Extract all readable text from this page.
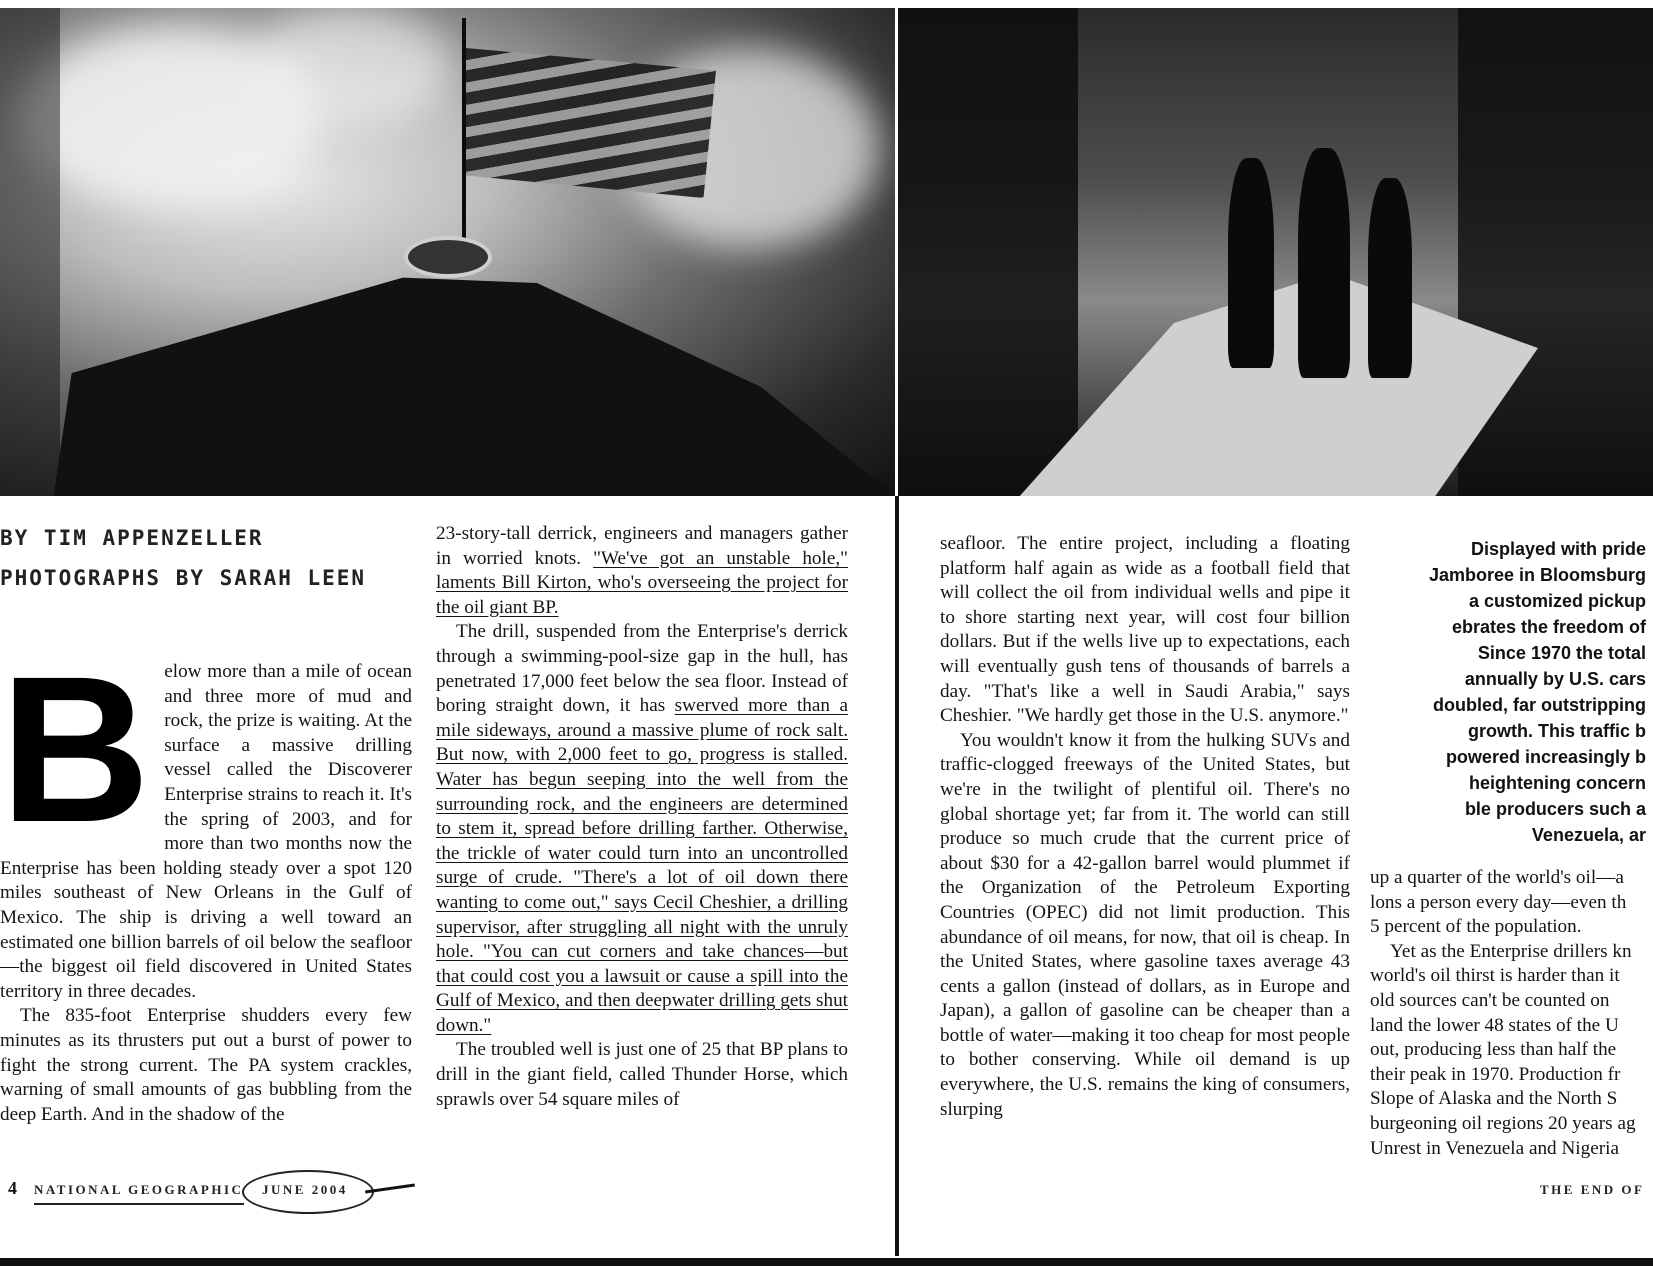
BY TIM APPENZELLER
PHOTOGRAPHS BY SARAH LEEN
B elow more than a mile of ocean and three more of mud and rock, the prize is waiting. At the surface a massive drilling vessel called the Discoverer Enterprise strains to reach it. It's the spring of 2003, and for more than two months now the Enterprise has been holding steady over a spot 120 miles southeast of New Orleans in the Gulf of Mexico. The ship is driving a well toward an estimated one billion barrels of oil below the seafloor—the biggest oil field discovered in United States territory in three decades.

The 835-foot Enterprise shudders every few minutes as its thrusters put out a burst of power to fight the strong current. The PA system crackles, warning of small amounts of gas bubbling from the deep Earth. And in the shadow of the

23-story-tall derrick, engineers and managers gather in worried knots. "We've got an unstable hole," laments Bill Kirton, who's overseeing the project for the oil giant BP.

The drill, suspended from the Enterprise's derrick through a swimming-pool-size gap in the hull, has penetrated 17,000 feet below the sea floor. Instead of boring straight down, it has swerved more than a mile sideways, around a massive plume of rock salt. But now, with 2,000 feet to go, progress is stalled. Water has begun seeping into the well from the surrounding rock, and the engineers are determined to stem it, spread before drilling farther. Otherwise, the trickle of water could turn into an uncontrolled surge of crude. "There's a lot of oil down there wanting to come out," says Cecil Cheshier, a drilling supervisor, after struggling all night with the unruly hole. "You can cut corners and take chances—but that could cost you a lawsuit or cause a spill into the Gulf of Mexico, and then deepwater drilling gets shut down."

The troubled well is just one of 25 that BP plans to drill in the giant field, called Thunder Horse, which sprawls over 54 square miles of

seafloor. The entire project, including a floating platform half again as wide as a football field that will collect the oil from individual wells and pipe it to shore starting next year, will cost four billion dollars. But if the wells live up to expectations, each will eventually gush tens of thousands of barrels a day. "That's like a well in Saudi Arabia," says Cheshier. "We hardly get those in the U.S. anymore."

You wouldn't know it from the hulking SUVs and traffic-clogged freeways of the United States, but we're in the twilight of plentiful oil. There's no global shortage yet; far from it. The world can still produce so much crude that the current price of about $30 for a 42-gallon barrel would plummet if the Organization of the Petroleum Exporting Countries (OPEC) did not limit production. This abundance of oil means, for now, that oil is cheap. In the United States, where gasoline taxes average 43 cents a gallon (instead of dollars, as in Europe and Japan), a gallon of gasoline can be cheaper than a bottle of water—making it too cheap for most people to bother conserving. While oil demand is up everywhere, the U.S. remains the king of consumers, slurping

Displayed with pride
Jamboree in Bloomsburg
a customized pickup
ebrates the freedom of
Since 1970 the total
annually by U.S. cars
doubled, far outstripping
growth. This traffic b
powered increasingly b
heightening concern
ble producers such a
Venezuela, ar
up a quarter of the world's oil—a
lons a person every day—even th
5 percent of the population.
Yet as the Enterprise drillers kn
world's oil thirst is harder than it
old sources can't be counted on
land the lower 48 states of the U
out, producing less than half the
their peak in 1970. Production fr
Slope of Alaska and the North S
burgeoning oil regions 20 years ag
Unrest in Venezuela and Nigeria
4 NATIONAL GEOGRAPHIC JUNE 2004	THE END OF
